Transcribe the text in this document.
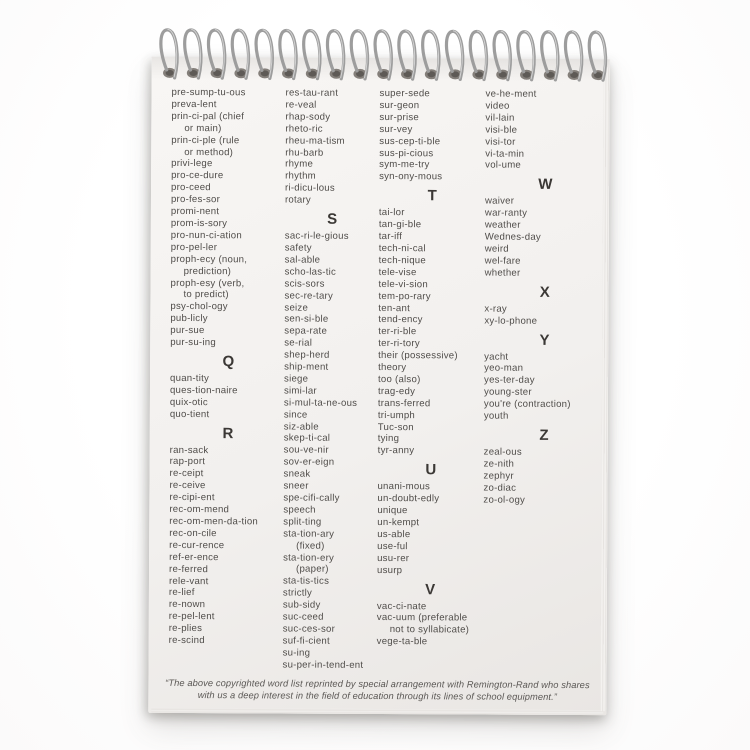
pre-sump-tu-ous
preva-lent
prin-ci-pal (chief
or main)
prin-ci-ple (rule
or method)
privi-lege
pro-ce-dure
pro-ceed
pro-fes-sor
promi-nent
prom-is-sory
pro-nun-ci-ation
pro-pel-ler
proph-ecy (noun,
prediction)
proph-esy (verb,
to predict)
psy-chol-ogy
pub-licly
pur-sue
pur-su-ing
Q
quan-tity
ques-tion-naire
quix-otic
quo-tient
R
ran-sack
rap-port
re-ceipt
re-ceive
re-cipi-ent
rec-om-mend
rec-om-men-da-tion
rec-on-cile
re-cur-rence
ref-er-ence
re-ferred
rele-vant
re-lief
re-nown
re-pel-lent
re-plies
re-scind
res-tau-rant
re-veal
rhap-sody
rheto-ric
rheu-ma-tism
rhu-barb
rhyme
rhythm
ri-dicu-lous
rotary
S
sac-ri-le-gious
safety
sal-able
scho-las-tic
scis-sors
sec-re-tary
seize
sen-si-ble
sepa-rate
se-rial
shep-herd
ship-ment
siege
simi-lar
si-mul-ta-ne-ous
since
siz-able
skep-ti-cal
sou-ve-nir
sov-er-eign
sneak
sneer
spe-cifi-cally
speech
split-ting
sta-tion-ary
(fixed)
sta-tion-ery
(paper)
sta-tis-tics
strictly
sub-sidy
suc-ceed
suc-ces-sor
suf-fi-cient
su-ing
su-per-in-tend-ent
super-sede
sur-geon
sur-prise
sur-vey
sus-cep-ti-ble
sus-pi-cious
sym-me-try
syn-ony-mous
T
tai-lor
tan-gi-ble
tar-iff
tech-ni-cal
tech-nique
tele-vise
tele-vi-sion
tem-po-rary
ten-ant
tend-ency
ter-ri-ble
ter-ri-tory
their (possessive)
theory
too (also)
trag-edy
trans-ferred
tri-umph
Tuc-son
tying
tyr-anny
U
unani-mous
un-doubt-edly
unique
un-kempt
us-able
use-ful
usu-rer
usurp
V
vac-ci-nate
vac-uum (preferable
not to syllabicate)
vege-ta-ble
ve-he-ment
video
vil-lain
visi-ble
visi-tor
vi-ta-min
vol-ume
W
waiver
war-ranty
weather
Wednes-day
weird
wel-fare
whether
X
x-ray
xy-lo-phone
Y
yacht
yeo-man
yes-ter-day
young-ster
you're (contraction)
youth
Z
zeal-ous
ze-nith
zephyr
zo-diac
zo-ol-ogy
“The above copyrighted word list reprinted by special arrangement with Remington-Rand who shares with us a deep interest in the field of education through its lines of school equipment.”
